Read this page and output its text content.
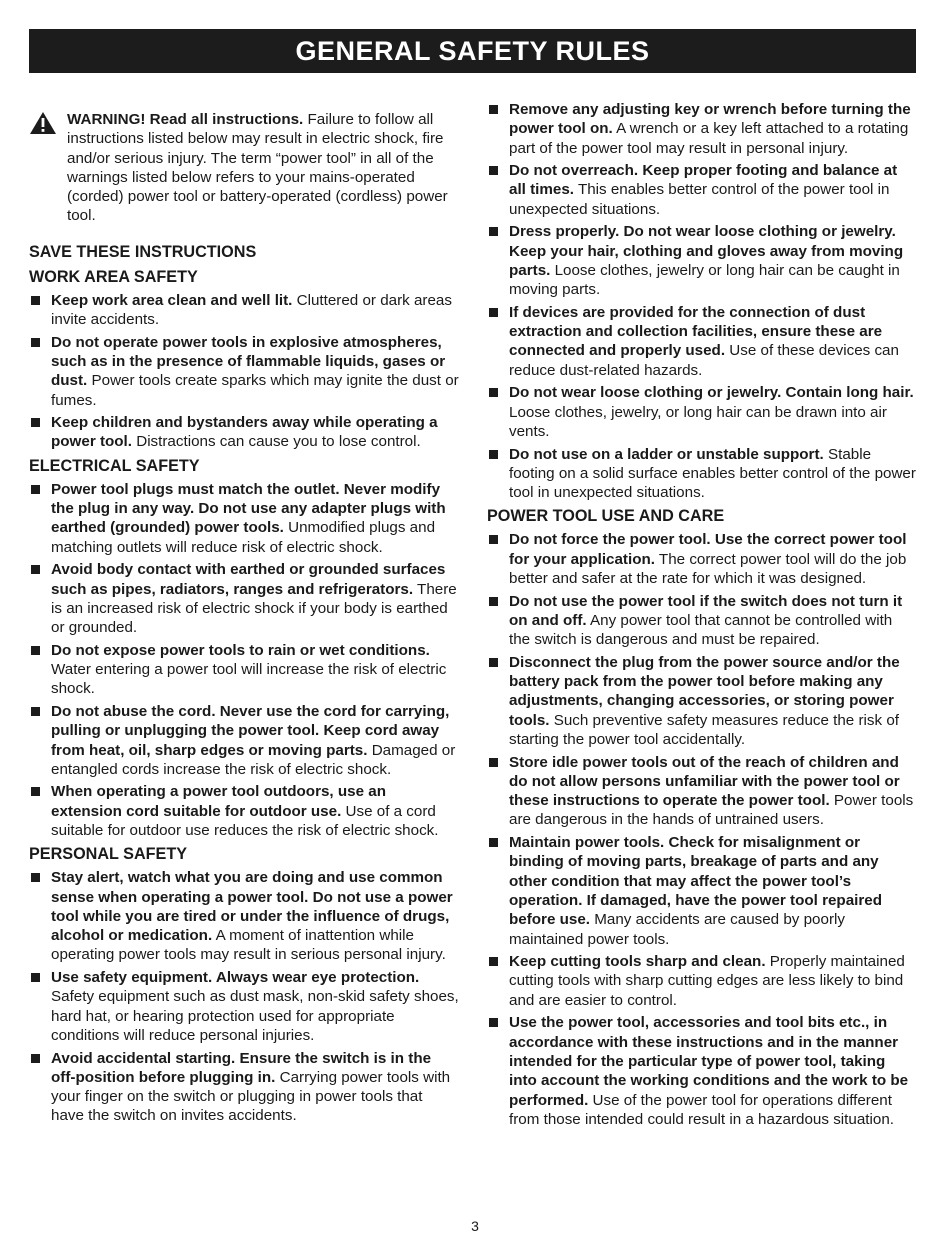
GENERAL SAFETY RULES
WARNING! Read all instructions. Failure to follow all instructions listed below may result in electric shock, fire and/or serious injury. The term “power tool” in all of the warnings listed below refers to your mains-operated (corded) power tool or battery-operated (cordless) power tool.
SAVE THESE INSTRUCTIONS
WORK AREA SAFETY
Keep work area clean and well lit. Cluttered or dark areas invite accidents.
Do not operate power tools in explosive atmospheres, such as in the presence of flammable liquids, gases or dust. Power tools create sparks which may ignite the dust or fumes.
Keep children and bystanders away while operating a power tool. Distractions can cause you to lose control.
ELECTRICAL SAFETY
Power tool plugs must match the outlet. Never modify the plug in any way. Do not use any adapter plugs with earthed (grounded) power tools. Unmodified plugs and matching outlets will reduce risk of electric shock.
Avoid body contact with earthed or grounded surfaces such as pipes, radiators, ranges and refrigerators. There is an increased risk of electric shock if your body is earthed or grounded.
Do not expose power tools to rain or wet conditions. Water entering a power tool will increase the risk of electric shock.
Do not abuse the cord. Never use the cord for carrying, pulling or unplugging the power tool. Keep cord away from heat, oil, sharp edges or moving parts. Damaged or entangled cords increase the risk of electric shock.
When operating a power tool outdoors, use an extension cord suitable for outdoor use. Use of a cord suitable for outdoor use reduces the risk of electric shock.
PERSONAL SAFETY
Stay alert, watch what you are doing and use common sense when operating a power tool. Do not use a power tool while you are tired or under the influence of drugs, alcohol or medication. A moment of inattention while operating power tools may result in serious personal injury.
Use safety equipment. Always wear eye protection. Safety equipment such as dust mask, non-skid safety shoes, hard hat, or hearing protection used for appropriate conditions will reduce personal injuries.
Avoid accidental starting. Ensure the switch is in the off-position before plugging in. Carrying power tools with your finger on the switch or plugging in power tools that have the switch on invites accidents.
Remove any adjusting key or wrench before turning the power tool on. A wrench or a key left attached to a rotating part of the power tool may result in personal injury.
Do not overreach. Keep proper footing and balance at all times. This enables better control of the power tool in unexpected situations.
Dress properly. Do not wear loose clothing or jewelry. Keep your hair, clothing and gloves away from moving parts. Loose clothes, jewelry or long hair can be caught in moving parts.
If devices are provided for the connection of dust extraction and collection facilities, ensure these are connected and properly used. Use of these devices can reduce dust-related hazards.
Do not wear loose clothing or jewelry. Contain long hair. Loose clothes, jewelry, or long hair can be drawn into air vents.
Do not use on a ladder or unstable support. Stable footing on a solid surface enables better control of the power tool in unexpected situations.
POWER TOOL USE AND CARE
Do not force the power tool. Use the correct power tool for your application. The correct power tool will do the job better and safer at the rate for which it was designed.
Do not use the power tool if the switch does not turn it on and off. Any power tool that cannot be controlled with the switch is dangerous and must be repaired.
Disconnect the plug from the power source and/or the battery pack from the power tool before making any adjustments, changing accessories, or storing power tools. Such preventive safety measures reduce the risk of starting the power tool accidentally.
Store idle power tools out of the reach of children and do not allow persons unfamiliar with the power tool or these instructions to operate the power tool. Power tools are dangerous in the hands of untrained users.
Maintain power tools. Check for misalignment or binding of moving parts, breakage of parts and any other condition that may affect the power tool’s operation. If damaged, have the power tool repaired before use. Many accidents are caused by poorly maintained power tools.
Keep cutting tools sharp and clean. Properly maintained cutting tools with sharp cutting edges are less likely to bind and are easier to control.
Use the power tool, accessories and tool bits etc., in accordance with these instructions and in the manner intended for the particular type of power tool, taking into account the working conditions and the work to be performed. Use of the power tool for operations different from those intended could result in a hazardous situation.
3
